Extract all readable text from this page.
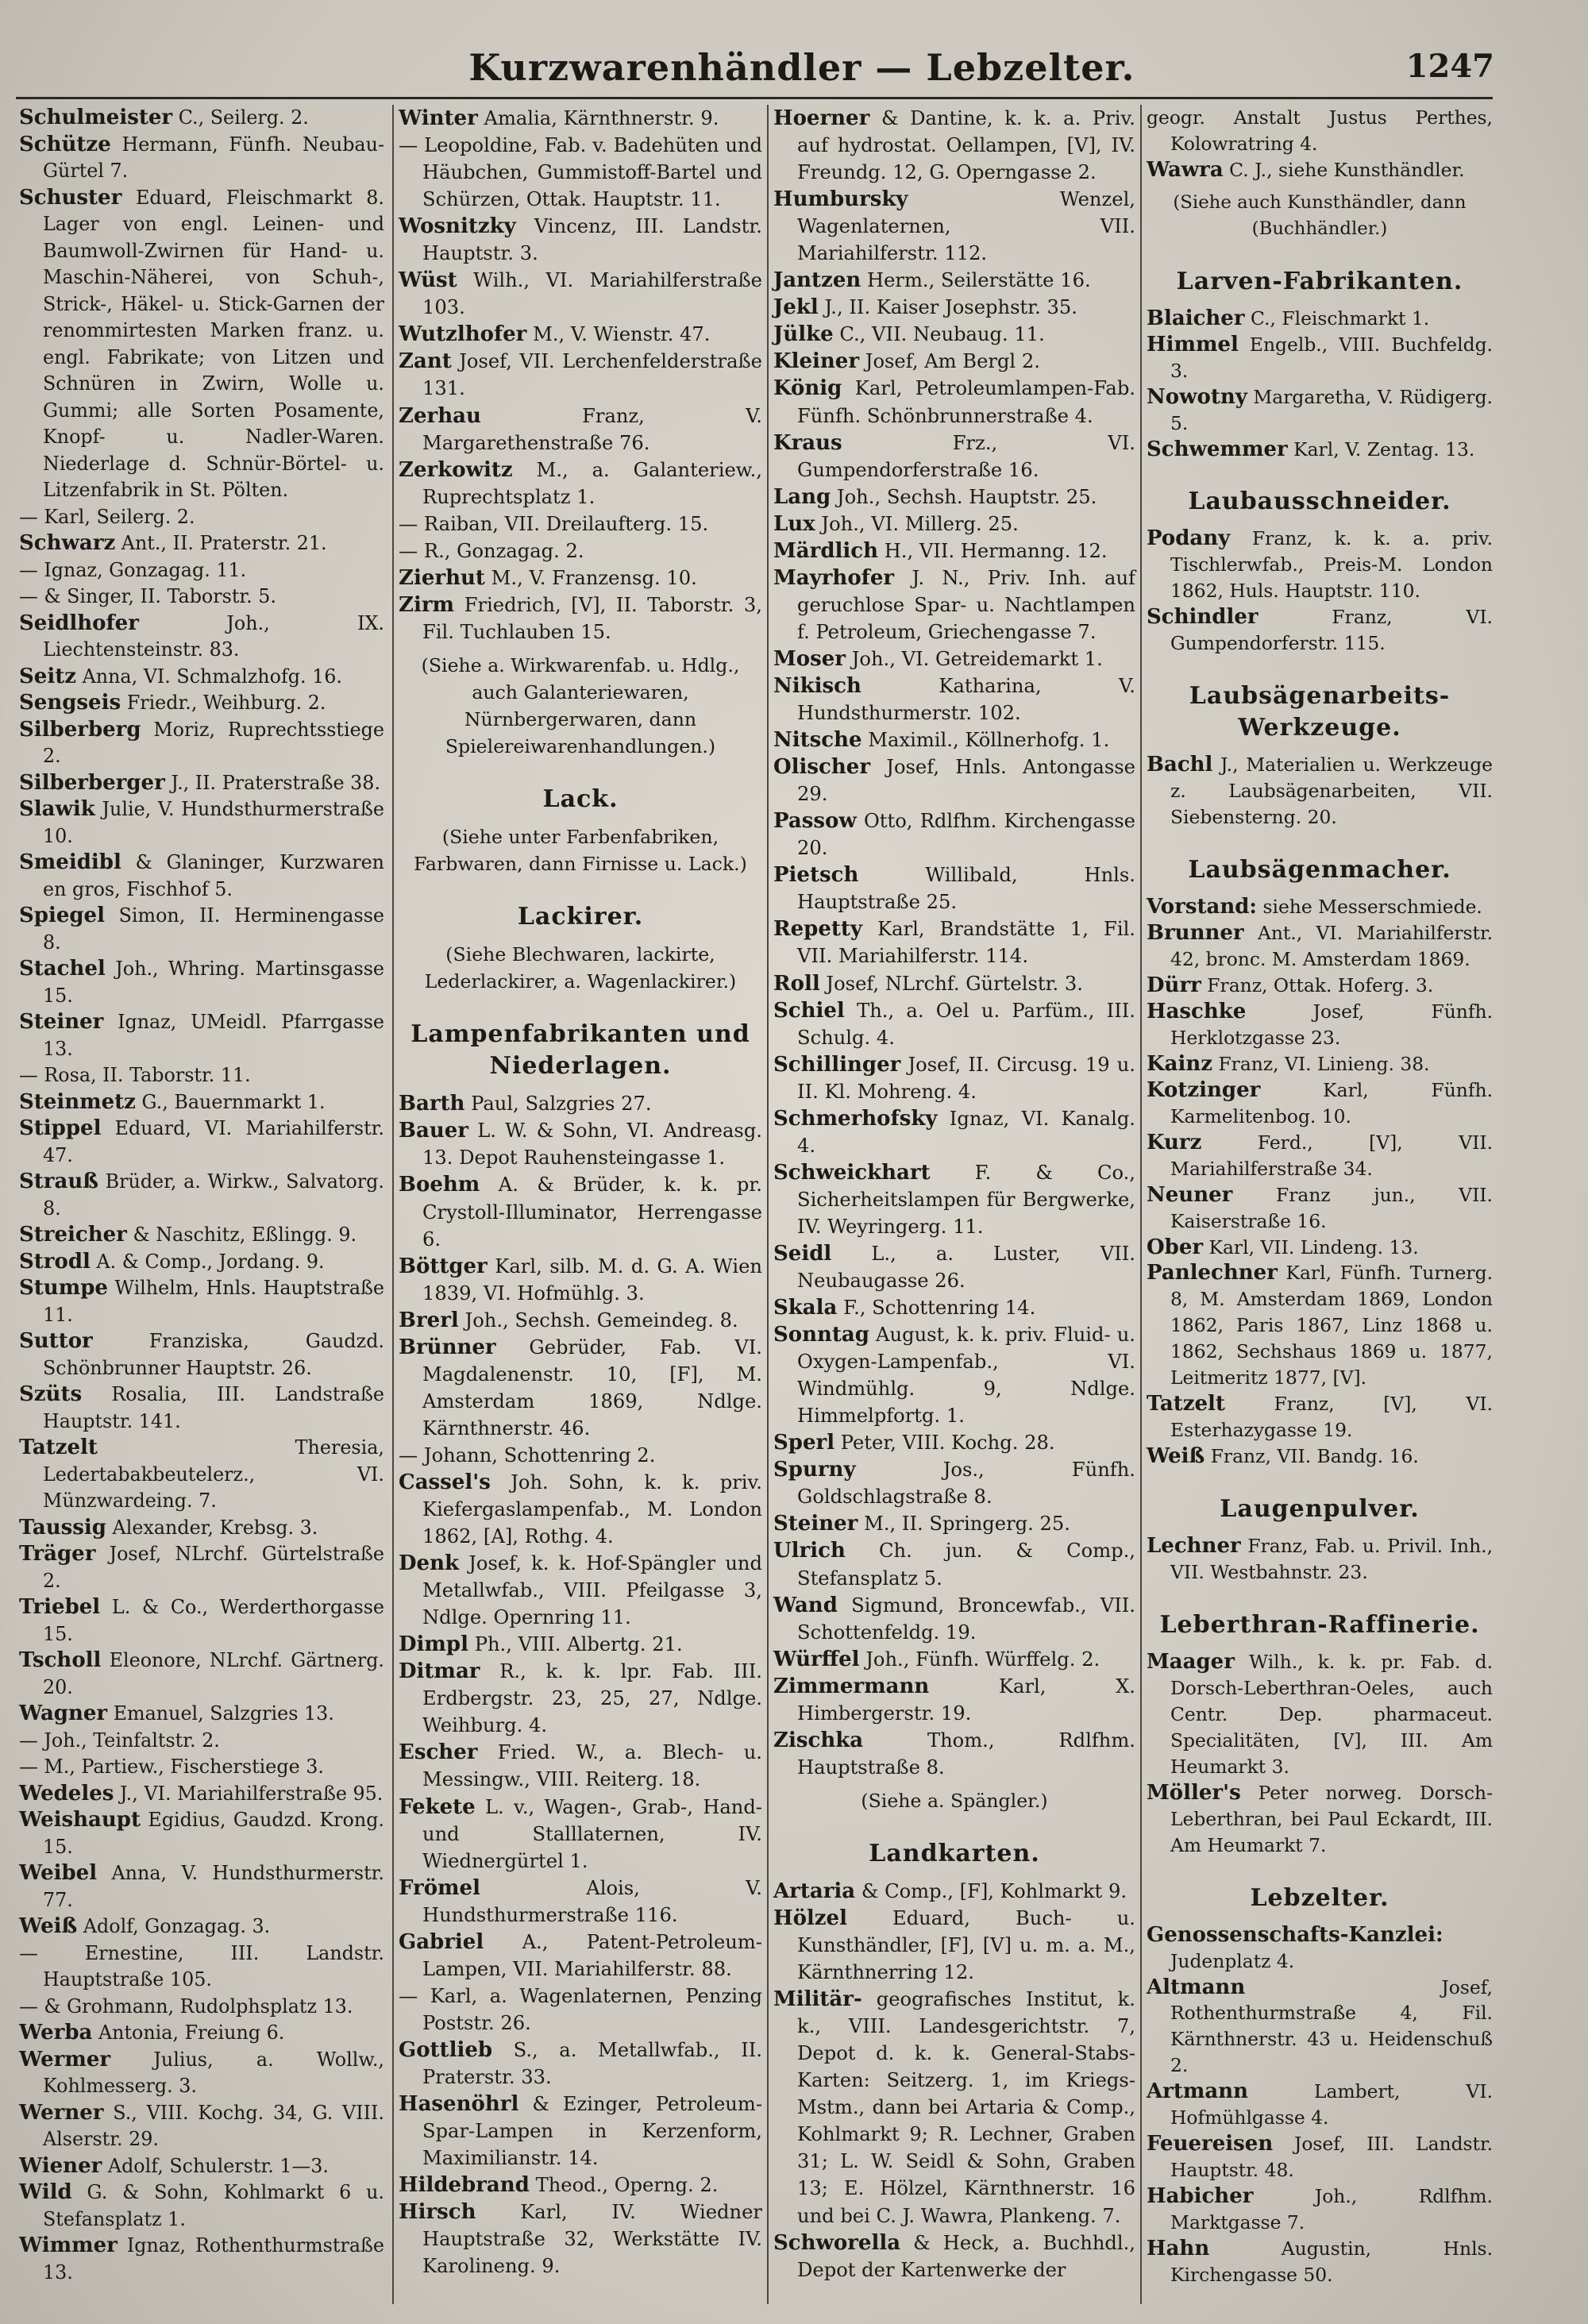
Kurzwarenhändler — Lebzelter.	1247

Schulmeister C., Seilerg. 2.

Schütze Hermann, Fünfh. Neubau-Gürtel 7.

Schuster Eduard, Fleischmarkt 8. Lager von engl. Leinen- und Baumwoll-Zwirnen für Hand- u. Maschin-Näherei, von Schuh-, Strick-, Häkel- u. Stick-Garnen der renommirtesten Marken franz. u. engl. Fabrikate; von Litzen und Schnüren in Zwirn, Wolle u. Gummi; alle Sorten Posamente, Knopf- u. Nadler-Waren. Niederlage d. Schnür-Börtel- u. Litzenfabrik in St. Pölten.

— Karl, Seilerg. 2.

Schwarz Ant., II. Praterstr. 21.

— Ignaz, Gonzagag. 11.

— & Singer, II. Taborstr. 5.

Seidlhofer	Joh., IX. Liechtensteinstr. 83.

Seitz Anna, VI. Schmalzhofg. 16.

Sengseis Friedr., Weihburg. 2.

Silberberg Moriz, Ruprechtsstiege 2.

Silberberger J., II. Praterstraße 38.

Slawik Julie, V. Hundsthurmerstraße 10.

Smeidibl & Glaninger, Kurzwaren en gros, Fischhof 5.

Spiegel Simon, II. Herminengasse 8.

Stachel Joh., Whring. Martinsgasse 15.

Steiner Ignaz, UMeidl. Pfarrgasse 13.

— Rosa, II. Taborstr. 11.

Steinmetz G., Bauernmarkt 1.

Stippel Eduard, VI. Mariahilferstr. 47.

Strauß Brüder, a. Wirkw., Salvatorg. 8.

Streicher & Naschitz, Eßlingg. 9.

Strodl A. & Comp., Jordang. 9.

Stumpe Wilhelm, Hnls. Hauptstraße 11.

Suttor	Franziska, Gaudzd. Schönbrunner Hauptstr. 26.

Szüts Rosalia, III. Landstraße Hauptstr. 141.

Tatzelt	Theresia, Ledertabakbeutelerz., VI. Münzwardeing. 7.

Taussig Alexander, Krebsg. 3.

Träger Josef, NLrchf. Gürtelstraße 2.

Triebel L. & Co., Werderthorgasse 15.

Tscholl Eleonore, NLrchf. Gärtnerg. 20.

Wagner Emanuel, Salzgries 13.

— Joh., Teinfaltstr. 2.

— M., Partiew., Fischerstiege 3.

Wedeles J., VI. Mariahilferstraße 95.

Weishaupt Egidius, Gaudzd. Krong. 15.

Weibel Anna, V. Hundsthurmerstr. 77.

Weiß Adolf, Gonzagag. 3.

— Ernestine, III. Landstr. Hauptstraße 105.

— & Grohmann, Rudolphsplatz 13.

Werba Antonia, Freiung 6.

Wermer Julius, a. Wollw., Kohlmesserg. 3.

Werner S., VIII. Kochg. 34, G. VIII. Alserstr. 29.

Wiener Adolf, Schulerstr. 1—3.

Wild G. & Sohn, Kohlmarkt 6 u. Stefansplatz 1.

Wimmer Ignaz, Rothenthurmstraße 13.

Winter Amalia, Kärnthnerstr. 9.

— Leopoldine, Fab. v. Badehüten und Häubchen, Gummistoff-Bartel und Schürzen, Ottak. Hauptstr. 11.

Wosnitzky Vincenz, III. Landstr. Hauptstr. 3.

Wüst Wilh., VI. Mariahilferstraße 103.

Wutzlhofer M., V. Wienstr. 47.

Zant Josef, VII. Lerchenfelderstraße 131.

Zerhau	Franz, V. Margarethenstraße 76.

Zerkowitz M., a. Galanteriew., Ruprechtsplatz 1.

— Raiban, VII. Dreilaufterg. 15.

— R., Gonzagag. 2.

Zierhut M., V. Franzensg. 10.

Zirm Friedrich, [V], II. Taborstr. 3, Fil. Tuchlauben 15.

(Siehe a. Wirkwarenfab. u. Hdlg., auch Galanteriewaren, Nürnbergerwaren, dann Spielereiwarenhandlungen.)
Lack.
(Siehe unter Farbenfabriken, Farbwaren, dann Firnisse u. Lack.)
Lackirer.
(Siehe Blechwaren, lackirte, Lederlackirer, a. Wagenlackirer.)
Lampenfabrikanten und Niederlagen.

Barth Paul, Salzgries 27.

Bauer L. W. & Sohn, VI. Andreasg. 13. Depot Rauhensteingasse 1.

Boehm A. & Brüder, k. k. pr. Crystoll-Illuminator, Herrengasse 6.

Böttger Karl, silb. M. d. G. A. Wien 1839, VI. Hofmühlg. 3.

Brerl Joh., Sechsh. Gemeindeg. 8.

Brünner Gebrüder, Fab. VI. Magdalenenstr. 10, [F], M. Amsterdam 1869, Ndlge. Kärnthnerstr. 46.

— Johann, Schottenring 2.

Cassel's Joh. Sohn, k. k. priv. Kiefergaslampenfab., M. London 1862, [A], Rothg. 4.

Denk Josef, k. k. Hof-Spängler und Metallwfab., VIII. Pfeilgasse 3, Ndlge. Opernring 11.

Dimpl Ph., VIII. Albertg. 21.

Ditmar R., k. k. lpr. Fab. III. Erdbergstr. 23, 25, 27, Ndlge. Weihburg. 4.

Escher Fried. W., a. Blech- u. Messingw., VIII. Reiterg. 18.

Fekete L. v., Wagen-, Grab-, Hand- und Stalllaternen, IV. Wiednergürtel 1.

Frömel	Alois, V. Hundsthurmerstraße 116.

Gabriel A., Patent-Petroleum-Lampen, VII. Mariahilferstr. 88.

— Karl, a. Wagenlaternen, Penzing Poststr. 26.

Gottlieb S., a. Metallwfab., II. Praterstr. 33.

Hasenöhrl & Ezinger, Petroleum-Spar-Lampen in Kerzenform, Maximilianstr. 14.

Hildebrand Theod., Operng. 2.

Hirsch Karl, IV. Wiedner Hauptstraße 32, Werkstätte IV. Karolineng. 9.

Hoerner & Dantine, k. k. a. Priv. auf hydrostat. Oellampen, [V], IV. Freundg. 12, G. Operngasse 2.

Humbursky	Wenzel, Wagenlaternen, VII. Mariahilferstr. 112.

Jantzen Herm., Seilerstätte 16.

Jekl J., II. Kaiser Josephstr. 35.

Jülke C., VII. Neubaug. 11.

Kleiner Josef, Am Bergl 2.

König Karl, Petroleumlampen-Fab. Fünfh. Schönbrunnerstraße 4.

Kraus	Frz., VI. Gumpendorferstraße 16.

Lang Joh., Sechsh. Hauptstr. 25.

Lux Joh., VI. Millerg. 25.

Märdlich H., VII. Hermanng. 12.

Mayrhofer J. N., Priv. Inh. auf geruchlose Spar- u. Nachtlampen f. Petroleum, Griechengasse 7.

Moser Joh., VI. Getreidemarkt 1.

Nikisch	Katharina, V. Hundsthurmerstr. 102.

Nitsche Maximil., Köllnerhofg. 1.

Olischer Josef, Hnls. Antongasse 29.

Passow Otto, Rdlfhm. Kirchengasse 20.

Pietsch	Willibald, Hnls. Hauptstraße 25.

Repetty Karl, Brandstätte 1, Fil. VII. Mariahilferstr. 114.

Roll Josef, NLrchf. Gürtelstr. 3.

Schiel Th., a. Oel u. Parfüm., III. Schulg. 4.

Schillinger Josef, II. Circusg. 19 u. II. Kl. Mohreng. 4.

Schmerhofsky Ignaz, VI. Kanalg. 4.

Schweickhart F. & Co., Sicherheitslampen für Bergwerke, IV. Weyringerg. 11.

Seidl L., a. Luster, VII. Neubaugasse 26.

Skala F., Schottenring 14.

Sonntag August, k. k. priv. Fluid- u. Oxygen-Lampenfab., VI. Windmühlg. 9, Ndlge. Himmelpfortg. 1.

Sperl Peter, VIII. Kochg. 28.

Spurny	Jos., Fünfh. Goldschlagstraße 8.

Steiner M., II. Springerg. 25.

Ulrich Ch. jun. & Comp., Stefansplatz 5.

Wand Sigmund, Broncewfab., VII. Schottenfeldg. 19.

Würffel Joh., Fünfh. Würffelg. 2.

Zimmermann	Karl, X. Himbergerstr. 19.

Zischka	Thom., Rdlfhm. Hauptstraße 8.

(Siehe a. Spängler.)
Landkarten.

Artaria & Comp., [F], Kohlmarkt 9.

Hölzel Eduard, Buch- u. Kunsthändler, [F], [V] u. m. a. M., Kärnthnerring 12.

Militär- geografisches Institut, k. k., VIII. Landesgerichtstr. 7, Depot d. k. k. General-Stabs-Karten: Seitzerg. 1, im Kriegs-Mstm., dann bei Artaria & Comp., Kohlmarkt 9; R. Lechner, Graben 31; L. W. Seidl & Sohn, Graben 13; E. Hölzel, Kärnthnerstr. 16 und bei C. J. Wawra, Plankeng. 7.

Schworella & Heck, a. Buchhdl., Depot der Kartenwerke der

geogr. Anstalt Justus Perthes, Kolowratring 4.

Wawra C. J., siehe Kunsthändler.

(Siehe auch Kunsthändler, dann (Buchhändler.)
Larven-Fabrikanten.

Blaicher C., Fleischmarkt 1.

Himmel Engelb., VIII. Buchfeldg. 3.

Nowotny Margaretha, V. Rüdigerg. 5.

Schwemmer Karl, V. Zentag. 13.

Laubausschneider.

Podany Franz, k. k. a. priv. Tischlerwfab., Preis-M. London 1862, Huls. Hauptstr. 110.

Schindler	Franz, VI. Gumpendorferstr. 115.

Laubsägenarbeits-Werkzeuge.

Bachl J., Materialien u. Werkzeuge z. Laubsägenarbeiten, VII. Siebensterng. 20.

Laubsägenmacher.

Vorstand: siehe Messerschmiede.

Brunner Ant., VI. Mariahilferstr. 42, bronc. M. Amsterdam 1869.

Dürr Franz, Ottak. Hoferg. 3.

Haschke	Josef, Fünfh. Herklotzgasse 23.

Kainz Franz, VI. Linieng. 38.

Kotzinger	Karl, Fünfh. Karmelitenbog. 10.

Kurz	Ferd., [V], VII. Mariahilferstraße 34.

Neuner Franz jun., VII. Kaiserstraße 16.

Ober Karl, VII. Lindeng. 13.

Panlechner Karl, Fünfh. Turnerg. 8, M. Amsterdam 1869, London 1862, Paris 1867, Linz 1868 u. 1862, Sechshaus 1869 u. 1877, Leitmeritz 1877, [V].

Tatzelt	Franz, [V], VI. Esterhazygasse 19.

Weiß Franz, VII. Bandg. 16.

Laugenpulver.

Lechner Franz, Fab. u. Privil. Inh., VII. Westbahnstr. 23.

Leberthran-Raffinerie.

Maager Wilh., k. k. pr. Fab. d. Dorsch-Leberthran-Oeles, auch Centr. Dep. pharmaceut. Specialitäten, [V], III. Am Heumarkt 3.

Möller's Peter norweg. Dorsch-Leberthran, bei Paul Eckardt, III. Am Heumarkt 7.

Lebzelter.

Genossenschafts-Kanzlei: Judenplatz 4.

Altmann	Josef, Rothenthurmstraße 4, Fil. Kärnthnerstr. 43 u. Heidenschuß 2.

Artmann	Lambert, VI. Hofmühlgasse 4.

Feuereisen Josef, III. Landstr. Hauptstr. 48.

Habicher	Joh., Rdlfhm. Marktgasse 7.

Hahn	Augustin, Hnls. Kirchengasse 50.
